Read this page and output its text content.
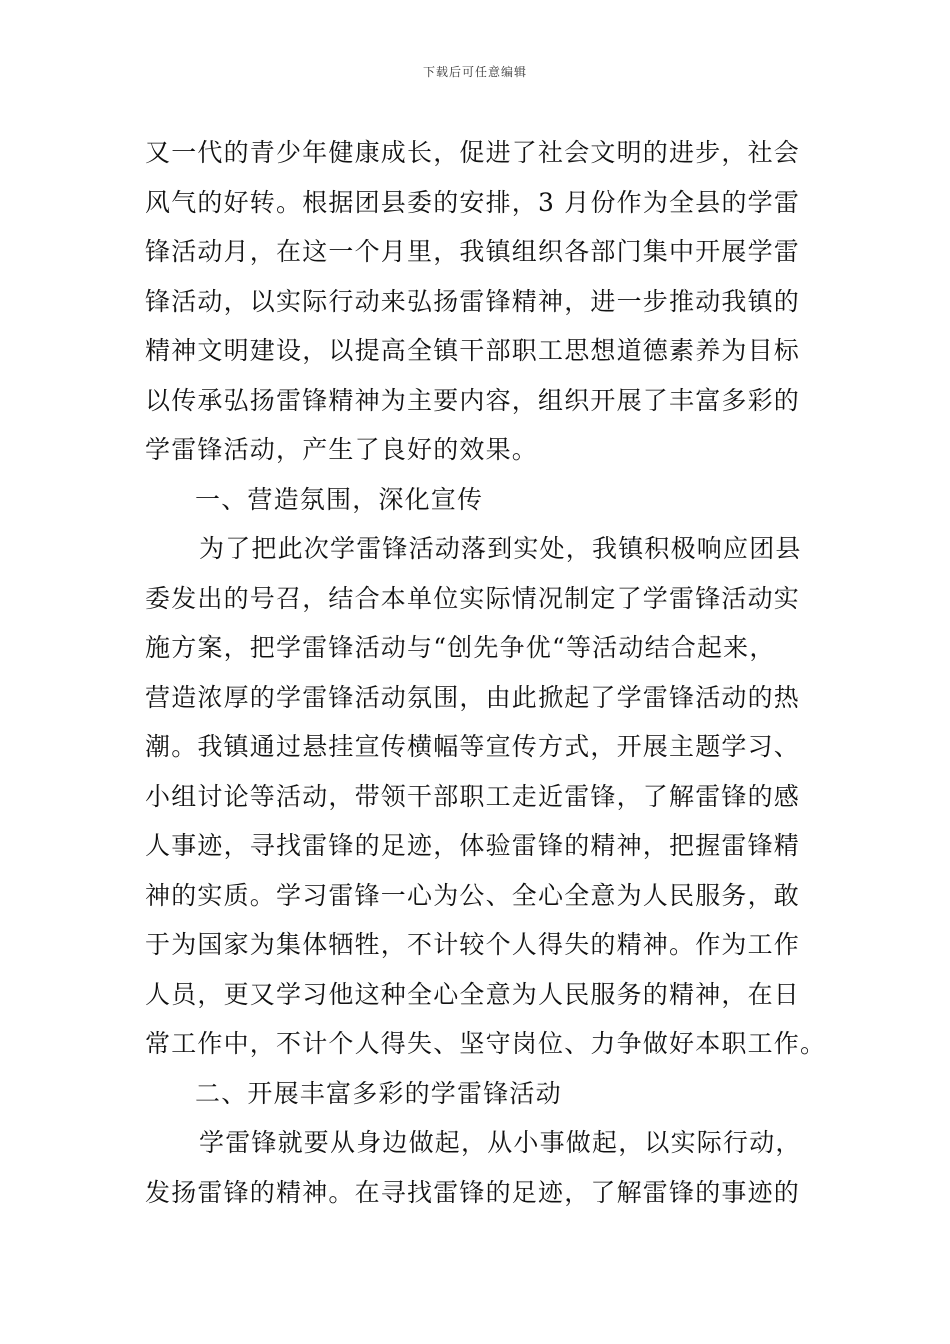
下载后可任意编辑
又一代的青少年健康成长，促进了社会文明的进步，社会
风气的好转。根据团县委的安排，3 月份作为全县的学雷
锋活动月，在这一个月里，我镇组织各部门集中开展学雷
锋活动，以实际行动来弘扬雷锋精神，进一步推动我镇的
精神文明建设，以提高全镇干部职工思想道德素养为目标
以传承弘扬雷锋精神为主要内容，组织开展了丰富多彩的
学雷锋活动，产生了良好的效果。
一、营造氛围，深化宣传
为了把此次学雷锋活动落到实处，我镇积极响应团县
委发出的号召，结合本单位实际情况制定了学雷锋活动实
施方案，把学雷锋活动与“创先争优“等活动结合起来，
营造浓厚的学雷锋活动氛围，由此掀起了学雷锋活动的热
潮。我镇通过悬挂宣传横幅等宣传方式，开展主题学习、
小组讨论等活动，带领干部职工走近雷锋，了解雷锋的感
人事迹，寻找雷锋的足迹，体验雷锋的精神，把握雷锋精
神的实质。学习雷锋一心为公、全心全意为人民服务，敢
于为国家为集体牺牲，不计较个人得失的精神。作为工作
人员，更又学习他这种全心全意为人民服务的精神，在日
常工作中，不计个人得失、坚守岗位、力争做好本职工作。
二、开展丰富多彩的学雷锋活动
学雷锋就要从身边做起，从小事做起，以实际行动，
发扬雷锋的精神。在寻找雷锋的足迹，了解雷锋的事迹的
